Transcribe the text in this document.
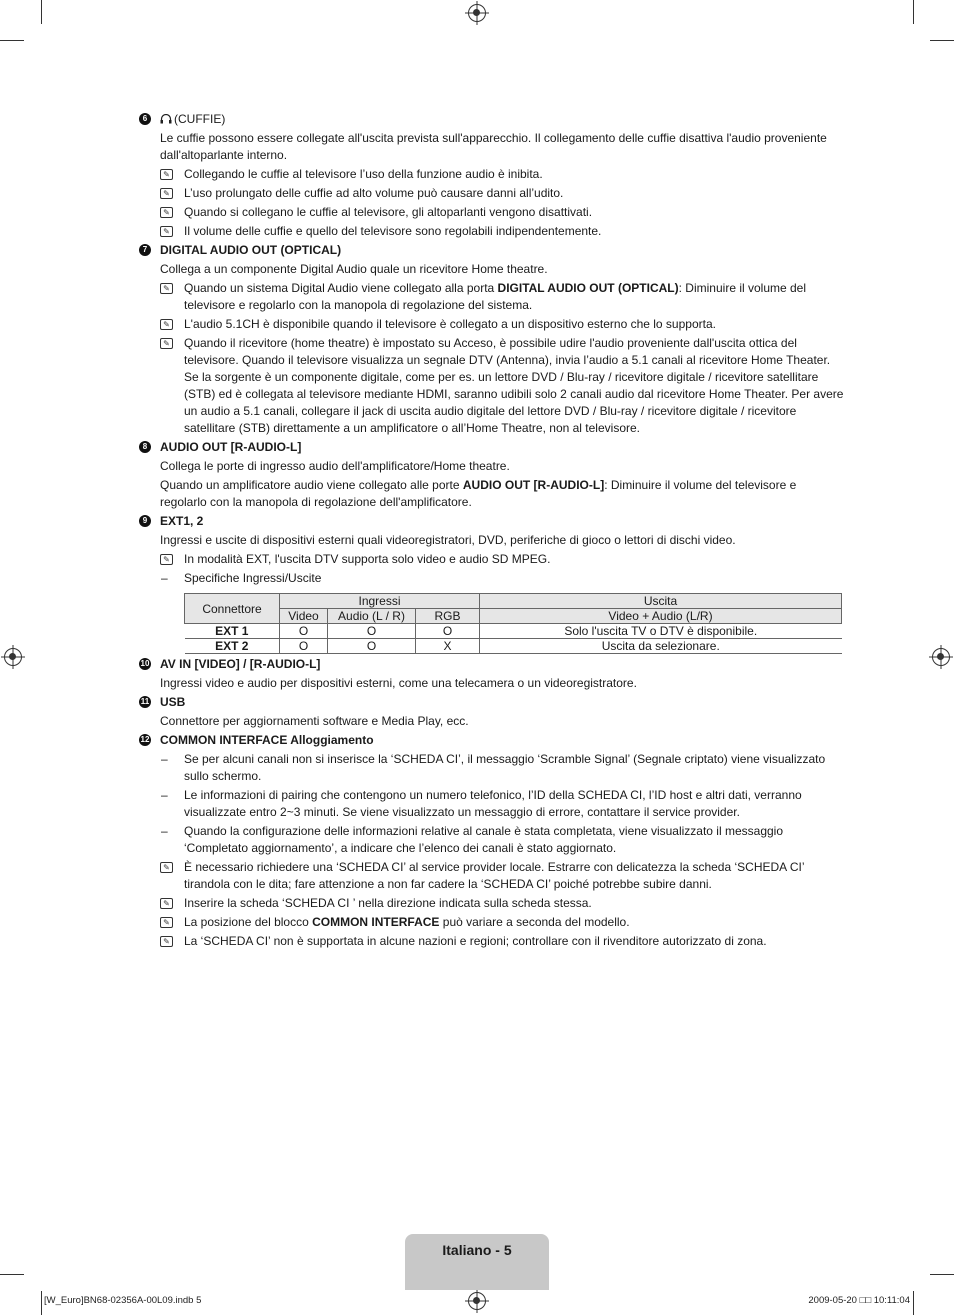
6	(CUFFIE)
Le cuffie possono essere collegate all'uscita prevista sull'apparecchio. Il collegamento delle cuffie disattiva l'audio proveniente dall'altoparlante interno.
✎ Collegando le cuffie al televisore l’uso della funzione audio è inibita.
✎ L’uso prolungato delle cuffie ad alto volume può causare danni all’udito.
✎ Quando si collegano le cuffie al televisore, gli altoparlanti vengono disattivati.
✎ Il volume delle cuffie e quello del televisore sono regolabili indipendentemente.
7	DIGITAL AUDIO OUT (OPTICAL)
Collega a un componente Digital Audio quale un ricevitore Home theatre.
✎ Quando un sistema Digital Audio viene collegato alla porta DIGITAL AUDIO OUT (OPTICAL): Diminuire il volume del televisore e regolarlo con la manopola di regolazione del sistema.
✎ L'audio 5.1CH è disponibile quando il televisore è collegato a un dispositivo esterno che lo supporta.
✎ Quando il ricevitore (home theatre) è impostato su Acceso, è possibile udire l'audio proveniente dall'uscita ottica del televisore. Quando il televisore visualizza un segnale DTV (Antenna), invia l’audio a 5.1 canali al ricevitore Home Theater. Se la sorgente è un componente digitale, come per es. un lettore DVD / Blu-ray / ricevitore digitale / ricevitore satellitare (STB) ed è collegata al televisore mediante HDMI, saranno udibili solo 2 canali audio dal ricevitore Home Theater. Per avere un audio a 5.1 canali, collegare il jack di uscita audio digitale del lettore DVD / Blu-ray / ricevitore digitale / ricevitore satellitare (STB) direttamente a un amplificatore o all’Home Theatre, non al televisore.
8	AUDIO OUT [R-AUDIO-L]
Collega le porte di ingresso audio dell'amplificatore/Home theatre.
Quando un amplificatore audio viene collegato alle porte AUDIO OUT [R-AUDIO-L]: Diminuire il volume del televisore e regolarlo con la manopola di regolazione dell'amplificatore.
9	EXT1, 2
Ingressi e uscite di dispositivi esterni quali videoregistratori, DVD, periferiche di gioco o lettori di dischi video.
✎ In modalità EXT, l'uscita DTV supporta solo video e audio SD MPEG.
– Specifiche Ingressi/Uscite
Connettore	Ingressi			Uscita
	Video	Audio (L / R)	RGB	Video + Audio (L/R)
EXT 1	O	O	O	Solo l'uscita TV o DTV è disponibile.
EXT 2	O	O	X	Uscita da selezionare.
10 AV IN [VIDEO] / [R-AUDIO-L]
Ingressi video e audio per dispositivi esterni, come una telecamera o un videoregistratore.
11 USB
Connettore per aggiornamenti software e Media Play, ecc.
12 COMMON INTERFACE Alloggiamento
– Se per alcuni canali non si inserisce la ‘SCHEDA CI’, il messaggio ‘Scramble Signal’ (Segnale criptato) viene visualizzato sullo schermo.
– Le informazioni di pairing che contengono un numero telefonico, l’ID della SCHEDA CI, l’ID host e altri dati, verranno visualizzate entro 2~3 minuti. Se viene visualizzato un messaggio di errore, contattare il service provider.
– Quando la configurazione delle informazioni relative al canale è stata completata, viene visualizzato il messaggio ‘Completato aggiornamento’, a indicare che l’elenco dei canali è stato aggiornato.
✎ È necessario richiedere una ‘SCHEDA CI’ al service provider locale. Estrarre con delicatezza la scheda ‘SCHEDA CI’ tirandola con le dita; fare attenzione a non far cadere la ‘SCHEDA CI’ poiché potrebbe subire danni.
✎ Inserire la scheda ‘SCHEDA CI ’ nella direzione indicata sulla scheda stessa.
✎ La posizione del blocco COMMON INTERFACE può variare a seconda del modello.
✎ La ‘SCHEDA CI’ non è supportata in alcune nazioni e regioni; controllare con il rivenditore autorizzato di zona.
Italiano - 5
[W_Euro]BN68-02356A-00L09.indb 5	2009-05-20 □□ 10:11:04
